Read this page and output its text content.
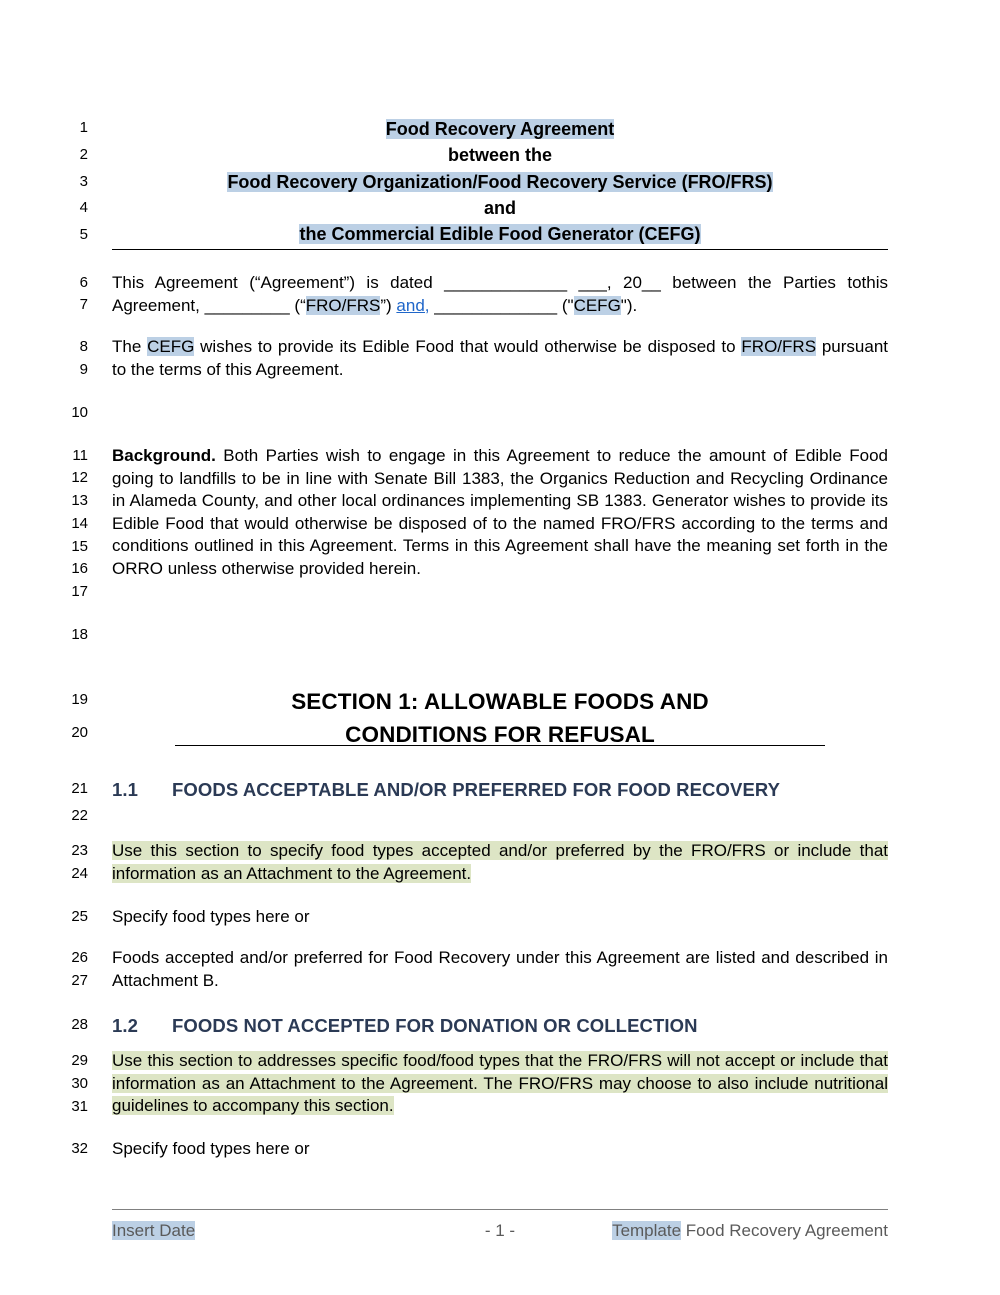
1
2
3
4
5
6
7
8
9
10
11
12
13
14
15
16
17
18
19
20
21
22
23
24
25
26
27
28
29
30
31
32
Food Recovery Agreement
between the
Food Recovery Organization/Food Recovery Service (FRO/FRS)
and
the Commercial Edible Food Generator (CEFG)
This Agreement (“Agreement”) is dated _____________ ___, 20__ between the Parties tothis Agreement, _________ (“FRO/FRS”) and, _____________ ("CEFG").
The CEFG wishes to provide its Edible Food that would otherwise be disposed to FRO/FRS pursuant to the terms of this Agreement.
Background. Both Parties wish to engage in this Agreement to reduce the amount of Edible Food going to landfills to be in line with Senate Bill 1383, the Organics Reduction and Recycling Ordinance in Alameda County, and other local ordinances implementing SB 1383. Generator wishes to provide its Edible Food that would otherwise be disposed of to the named FRO/FRS according to the terms and conditions outlined in this Agreement. Terms in this Agreement shall have the meaning set forth in the ORRO unless otherwise provided herein.
SECTION 1: ALLOWABLE FOODS AND
CONDITIONS FOR REFUSAL
1.1 FOODS ACCEPTABLE AND/OR PREFERRED FOR FOOD RECOVERY
Use this section to specify food types accepted and/or preferred by the FRO/FRS or include that information as an Attachment to the Agreement.
Specify food types here or
Foods accepted and/or preferred for Food Recovery under this Agreement are listed and described in Attachment B.
1.2 FOODS NOT ACCEPTED FOR DONATION OR COLLECTION
Use this section to addresses specific food/food types that the FRO/FRS will not accept or include that information as an Attachment to the Agreement. The FRO/FRS may choose to also include nutritional guidelines to accompany this section.
Specify food types here or
Insert Date	- 1 -	Template Food Recovery Agreement
